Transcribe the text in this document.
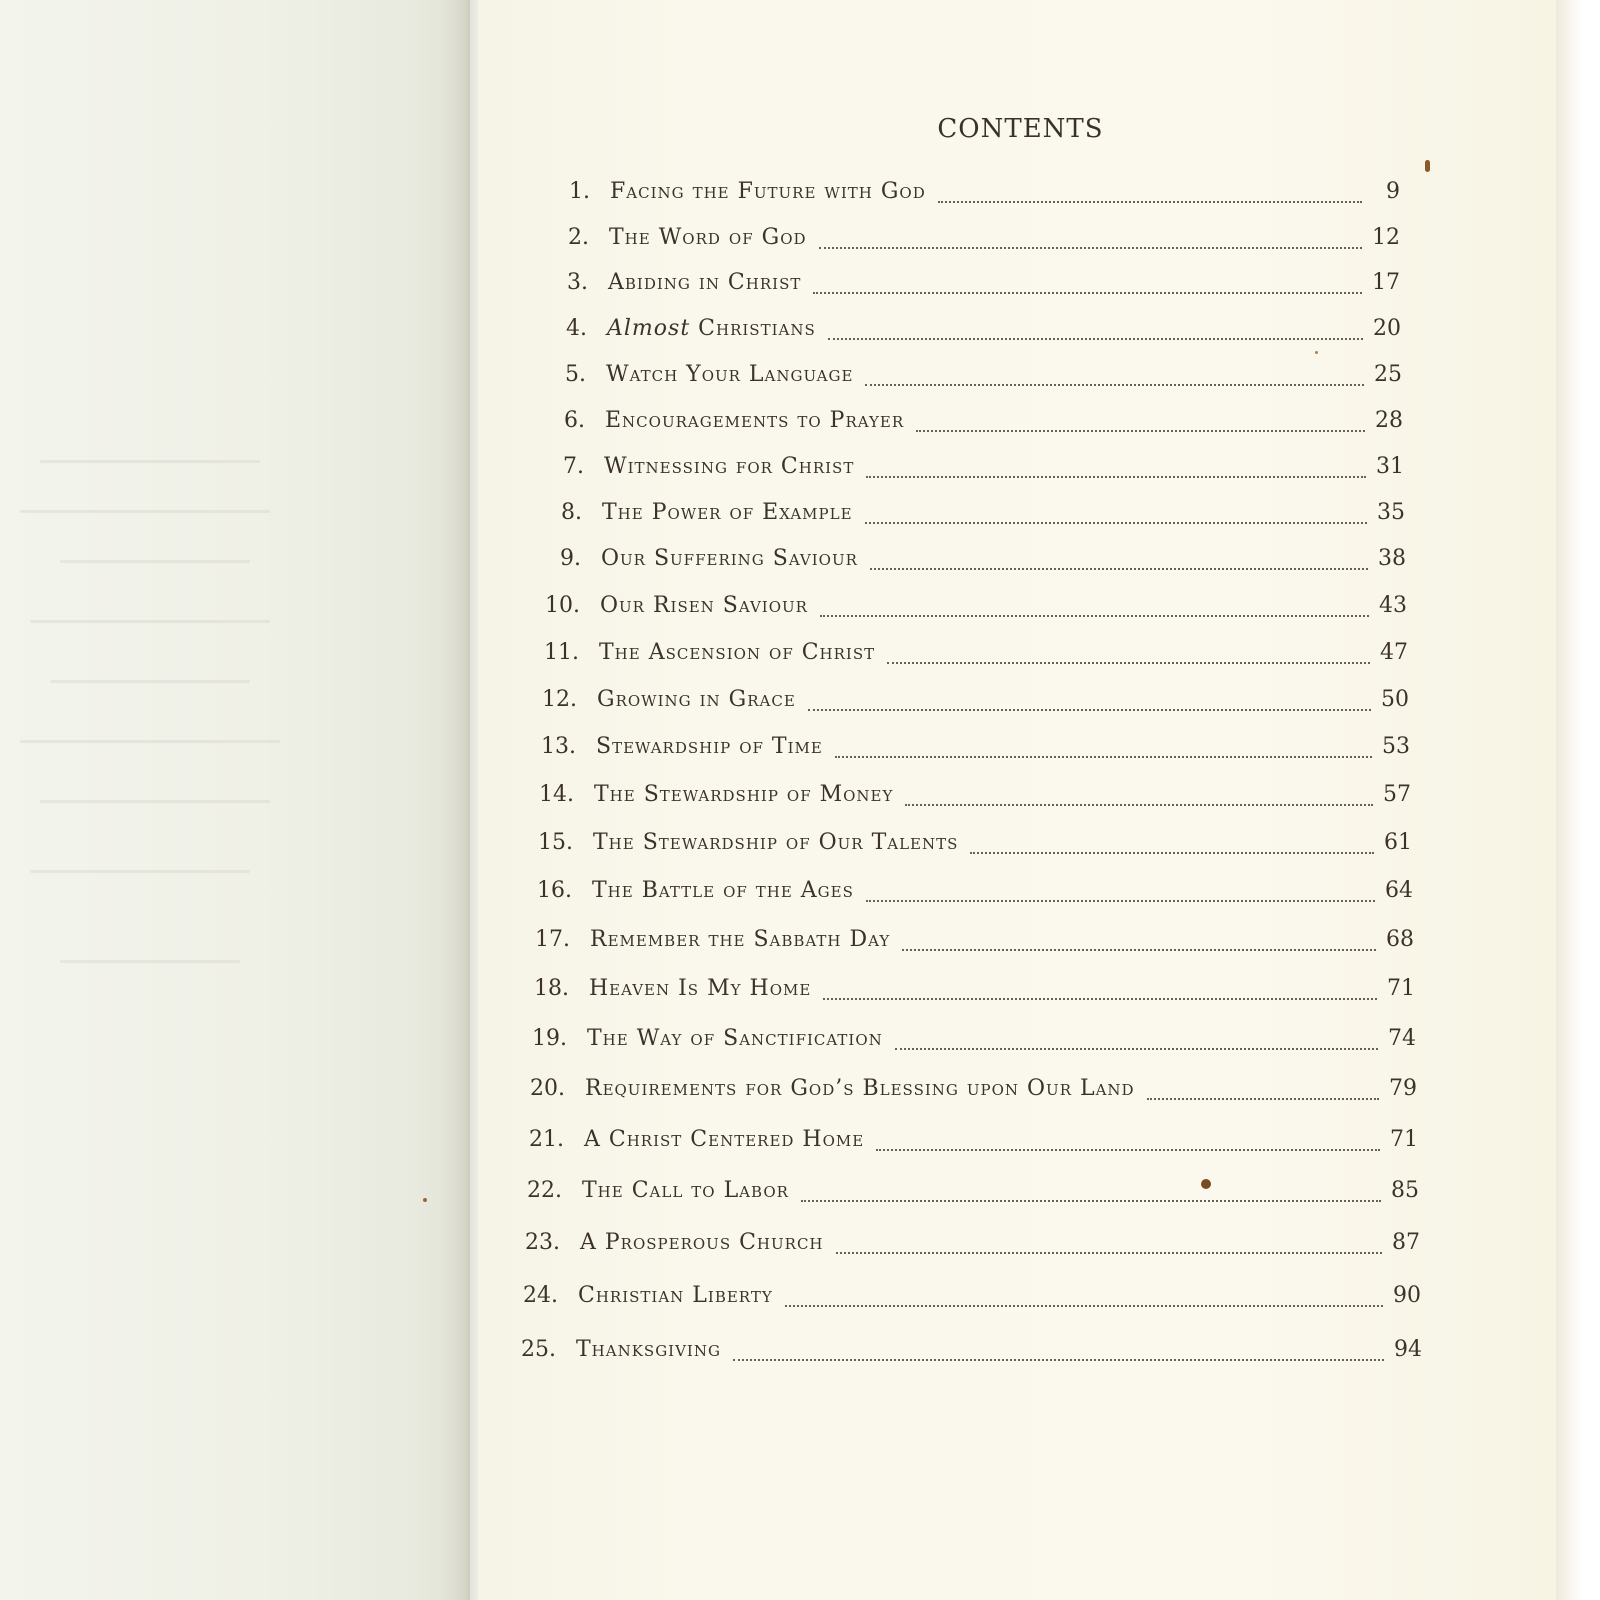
CONTENTS
1. Facing the Future with God	9
2. The Word of God	12
3. Abiding in Christ	17
4. Almost Christians	20
5. Watch Your Language	25
6. Encouragements to Prayer	28
7. Witnessing for Christ	31
8. The Power of Example	35
9. Our Suffering Saviour	38
10. Our Risen Saviour	43
11. The Ascension of Christ	47
12. Growing in Grace	50
13. Stewardship of Time	53
14. The Stewardship of Money	57
15. The Stewardship of Our Talents	61
16. The Battle of the Ages	64
17. Remember the Sabbath Day	68
18. Heaven Is My Home	71
19. The Way of Sanctification	74
20. Requirements for God’s Blessing upon Our Land	79
21. A Christ Centered Home	71
22. The Call to Labor	85
23. A Prosperous Church	87
24. Christian Liberty	90
25. Thanksgiving	94
